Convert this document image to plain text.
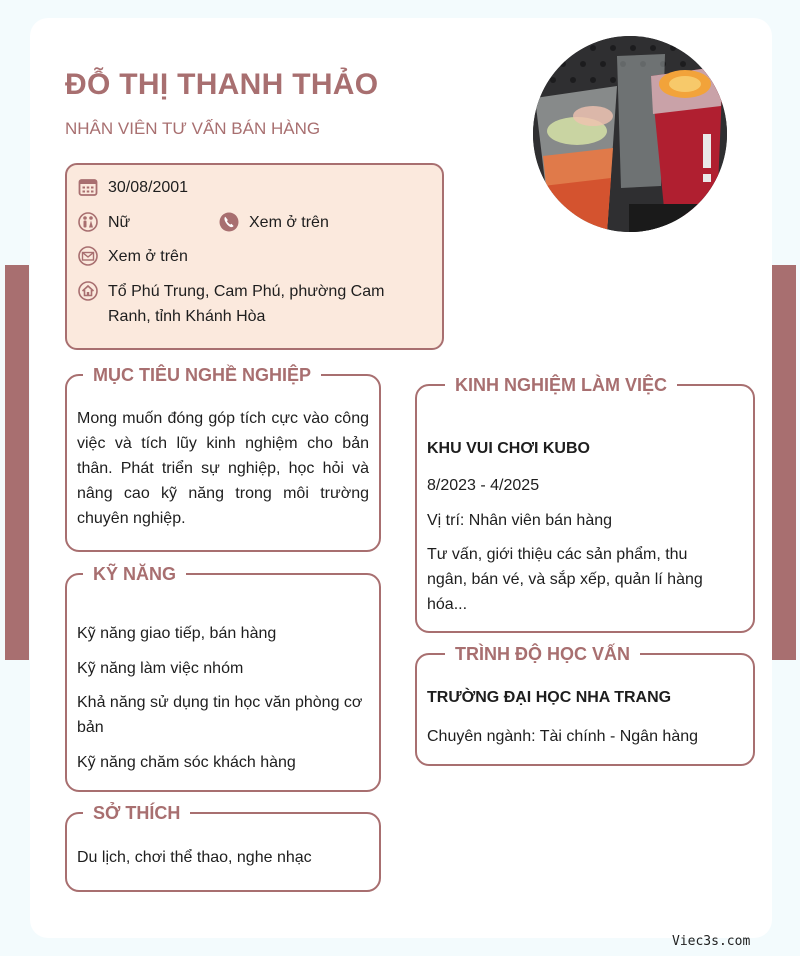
ĐỖ THỊ THANH THẢO
NHÂN VIÊN TƯ VẤN BÁN HÀNG
30/08/2001
Nữ	Xem ở trên
Xem ở trên
Tổ Phú Trung, Cam Phú, phường Cam
Ranh, tỉnh Khánh Hòa
MỤC TIÊU NGHỀ NGHIỆP
Mong muốn đóng góp tích cực vào công việc và tích lũy kinh nghiệm cho bản thân. Phát triển sự nghiệp, học hỏi và nâng cao kỹ năng trong môi trường chuyên nghiệp.
KỸ NĂNG
Kỹ năng giao tiếp, bán hàng
Kỹ năng làm việc nhóm
Khả năng sử dụng tin học văn phòng cơ bản
Kỹ năng chăm sóc khách hàng
SỞ THÍCH
Du lịch, chơi thể thao, nghe nhạc
KINH NGHIỆM LÀM VIỆC
KHU VUI CHƠI KUBO
8/2023 - 4/2025
Vị trí: Nhân viên bán hàng
Tư vấn, giới thiệu các sản phẩm, thu ngân, bán vé, và sắp xếp, quản lí hàng hóa...
TRÌNH ĐỘ HỌC VẤN
TRƯỜNG ĐẠI HỌC NHA TRANG
Chuyên ngành: Tài chính - Ngân hàng
Viec3s.com
